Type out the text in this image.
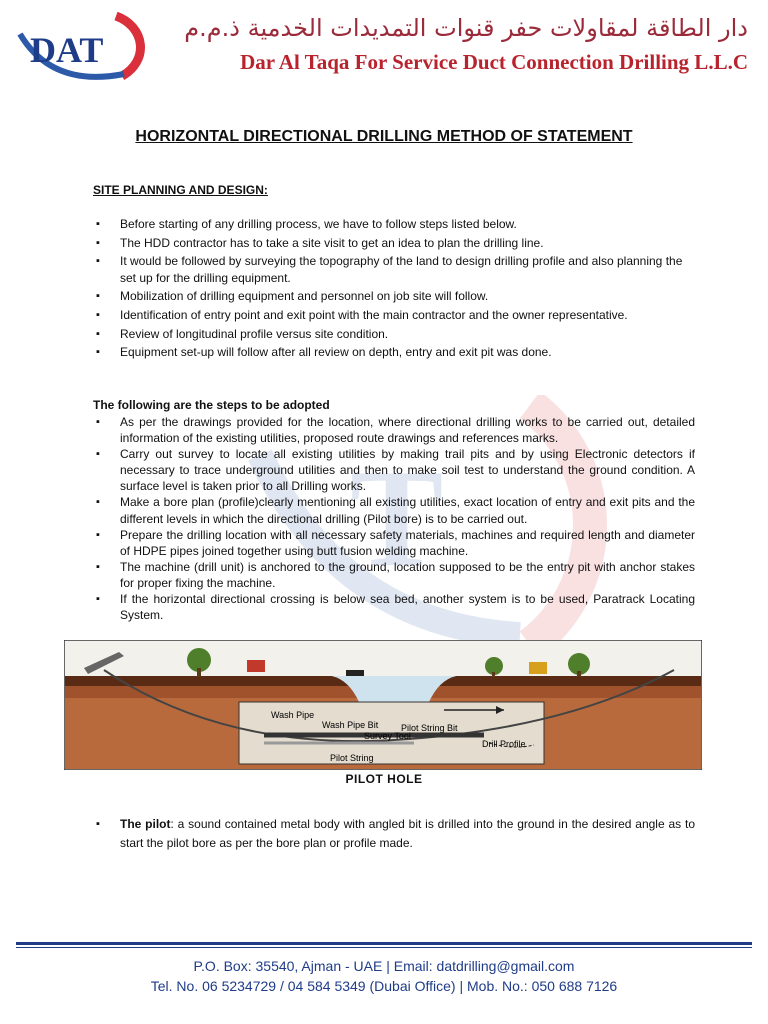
T
DAT
دار الطاقة لمقاولات حفر قنوات التمديدات الخدمية ذ.م.م
Dar Al Taqa For Service Duct Connection Drilling L.L.C
HORIZONTAL DIRECTIONAL DRILLING METHOD OF STATEMENT
SITE PLANNING AND DESIGN:
▪ Before starting of any drilling process, we have to follow steps listed below.
▪ The HDD contractor has to take a site visit to get an idea to plan the drilling line.
▪ It would be followed by surveying the topography of the land to design drilling profile and also planning the set up for the drilling equipment.
▪ Mobilization of drilling equipment and personnel on job site will follow.
▪ Identification of entry point and exit point with the main contractor and the owner representative.
▪ Review of longitudinal profile versus site condition.
▪ Equipment set-up will follow after all review on depth, entry and exit pit was done.
The following are the steps to be adopted
▪ As per the drawings provided for the location, where directional drilling works to be carried out, detailed information of the existing utilities, proposed route drawings and references marks.
▪ Carry out survey to locate all existing utilities by making trail pits and by using Electronic detectors if necessary to trace underground utilities and then to make soil test to understand the ground condition. A surface level is taken prior to all Drilling works.
▪ Make a bore plan (profile)clearly mentioning all existing utilities, exact location of entry and exit pits and the different levels in which the directional drilling (Pilot bore) is to be carried out.
▪ Prepare the drilling location with all necessary safety materials, machines and required length and diameter of HDPE pipes joined together using butt fusion welding machine.
▪ The machine (drill unit) is anchored to the ground, location supposed to be the entry pit with anchor stakes for proper fixing the machine.
▪ If the horizontal directional crossing is below sea bed, another system is to be used, Paratrack Locating System.
Wash Pipe
Wash Pipe Bit	Pilot String Bit
Survey Tool
Drill Profile
Pilot String
PILOT HOLE
▪ The pilot: a sound contained metal body with angled bit is drilled into the ground in the desired angle as to start the pilot bore as per the bore plan or profile made.
P.O. Box: 35540, Ajman - UAE | Email: datdrilling@gmail.com
Tel. No. 06 5234729 / 04 584 5349 (Dubai Office) | Mob. No.: 050 688 7126
